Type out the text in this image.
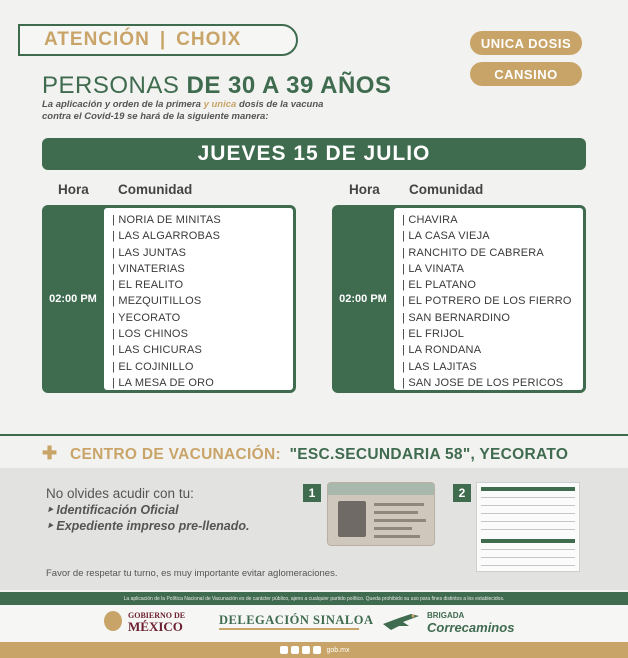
ATENCIÓN | CHOIX	UNICA DOSIS
CANSINO
PERSONAS DE 30 A 39 AÑOS
La aplicación y orden de la primera y unica dosis de la vacuna contra el Covid-19 se hará de la siguiente manera:
JUEVES 15 DE JULIO
Hora Comunidad	Hora Comunidad
02:00 PM
| NORIA DE MINITAS
| LAS ALGARROBAS
| LAS JUNTAS
| VINATERIAS
| EL REALITO
| MEZQUITILLOS
| YECORATO
| LOS CHINOS
| LAS CHICURAS
| EL COJINILLO
| LA MESA DE ORO
02:00 PM
| CHAVIRA
| LA CASA VIEJA
| RANCHITO DE CABRERA
| LA VINATA
| EL PLATANO
| EL POTRERO DE LOS FIERRO
| SAN BERNARDINO
| EL FRIJOL
| LA RONDANA
| LAS LAJITAS
| SAN JOSE DE LOS PERICOS
✚ CENTRO DE VACUNACIÓN: "ESC.SECUNDARIA 58", YECORATO
No olvides acudir con tu:
‣ Identificación Oficial
‣ Expediente impreso pre-llenado.
Favor de respetar tu turno, es muy importante evitar aglomeraciones.
1	2
La aplicación de la Política Nacional de Vacunación es de carácter público, ajeno a cualquier partido político. Queda prohibido su uso para fines distintos a los establecidos.
GOBIERNO DE
MÉXICO	DELEGACIÓN SINALOA	BRIGADA
Correcaminos
gob.mx
